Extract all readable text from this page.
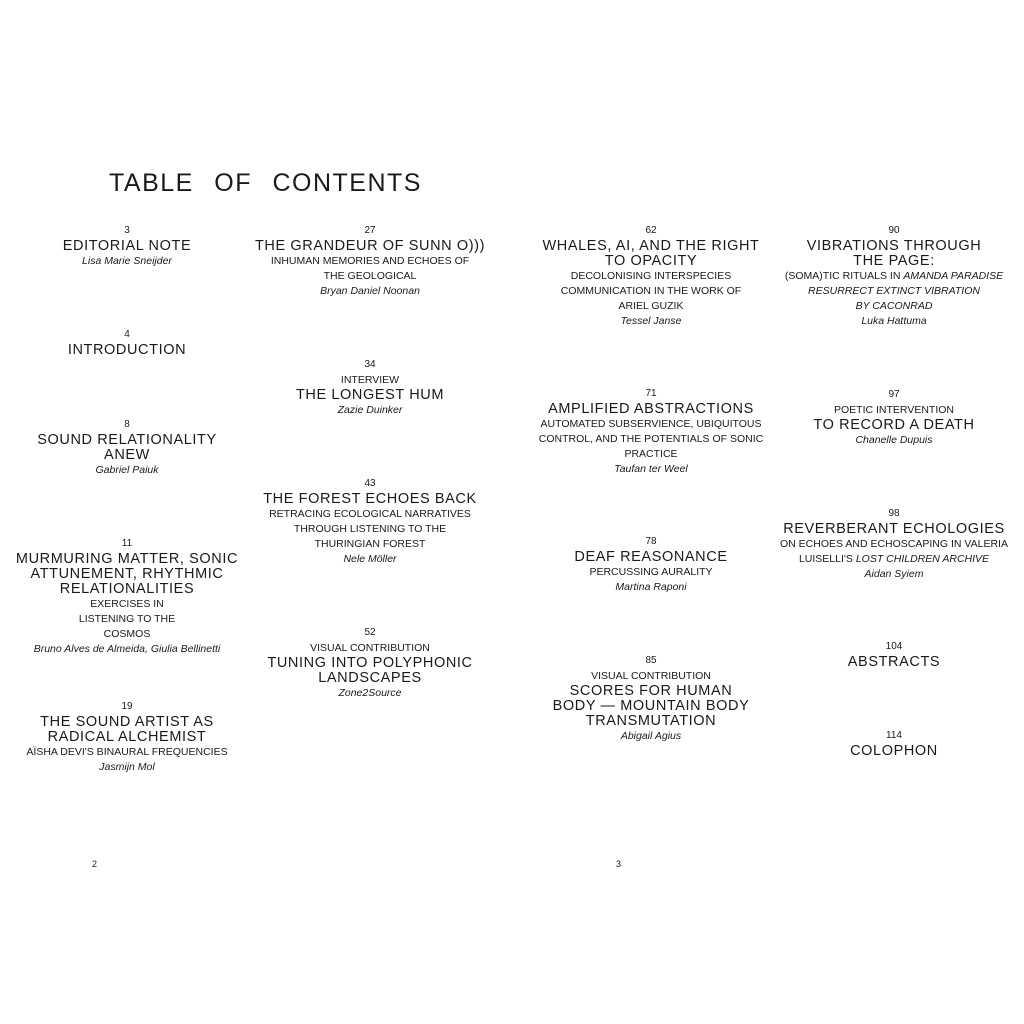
TABLE OF CONTENTS
3
EDITORIAL NOTE
Lisa Marie Sneijder
4
INTRODUCTION
8
SOUND RELATIONALITY ANEW
Gabriel Paiuk
11
MURMURING MATTER, SONIC ATTUNEMENT, RHYTHMIC RELATIONALITIES
EXERCISES IN LISTENING TO THE COSMOS
Bruno Alves de Almeida, Giulia Bellinetti
19
THE SOUND ARTIST AS RADICAL ALCHEMIST
AÏSHA DEVI'S BINAURAL FREQUENCIES
Jasmijn Mol
27
THE GRANDEUR OF SUNN O)))
INHUMAN MEMORIES AND ECHOES OF THE GEOLOGICAL
Bryan Daniel Noonan
34
INTERVIEW
THE LONGEST HUM
Zazie Duinker
43
THE FOREST ECHOES BACK
RETRACING ECOLOGICAL NARRATIVES THROUGH LISTENING TO THE THURINGIAN FOREST
Nele Möller
52
VISUAL CONTRIBUTION
TUNING INTO POLYPHONIC LANDSCAPES
Zone2Source
62
WHALES, AI, AND THE RIGHT TO OPACITY
DECOLONISING INTERSPECIES COMMUNICATION IN THE WORK OF ARIEL GUZIK
Tessel Janse
71
AMPLIFIED ABSTRACTIONS
AUTOMATED SUBSERVIENCE, UBIQUITOUS CONTROL, AND THE POTENTIALS OF SONIC PRACTICE
Taufan ter Weel
78
DEAF REASONANCE
PERCUSSING AURALITY
Martina Raponi
85
VISUAL CONTRIBUTION
SCORES FOR HUMAN BODY — MOUNTAIN BODY TRANSMUTATION
Abigail Agius
90
VIBRATIONS THROUGH THE PAGE:
(SOMA)TIC RITUALS IN AMANDA PARADISE
RESURRECT EXTINCT VIBRATION
BY CACONRAD
Luka Hattuma
97
POETIC INTERVENTION
TO RECORD A DEATH
Chanelle Dupuis
98
REVERBERANT ECHOLOGIES
ON ECHOES AND ECHOSCAPING IN VALERIA
LUISELLI'S LOST CHILDREN ARCHIVE
Aidan Syiem
104
ABSTRACTS
114
COLOPHON
2	3
